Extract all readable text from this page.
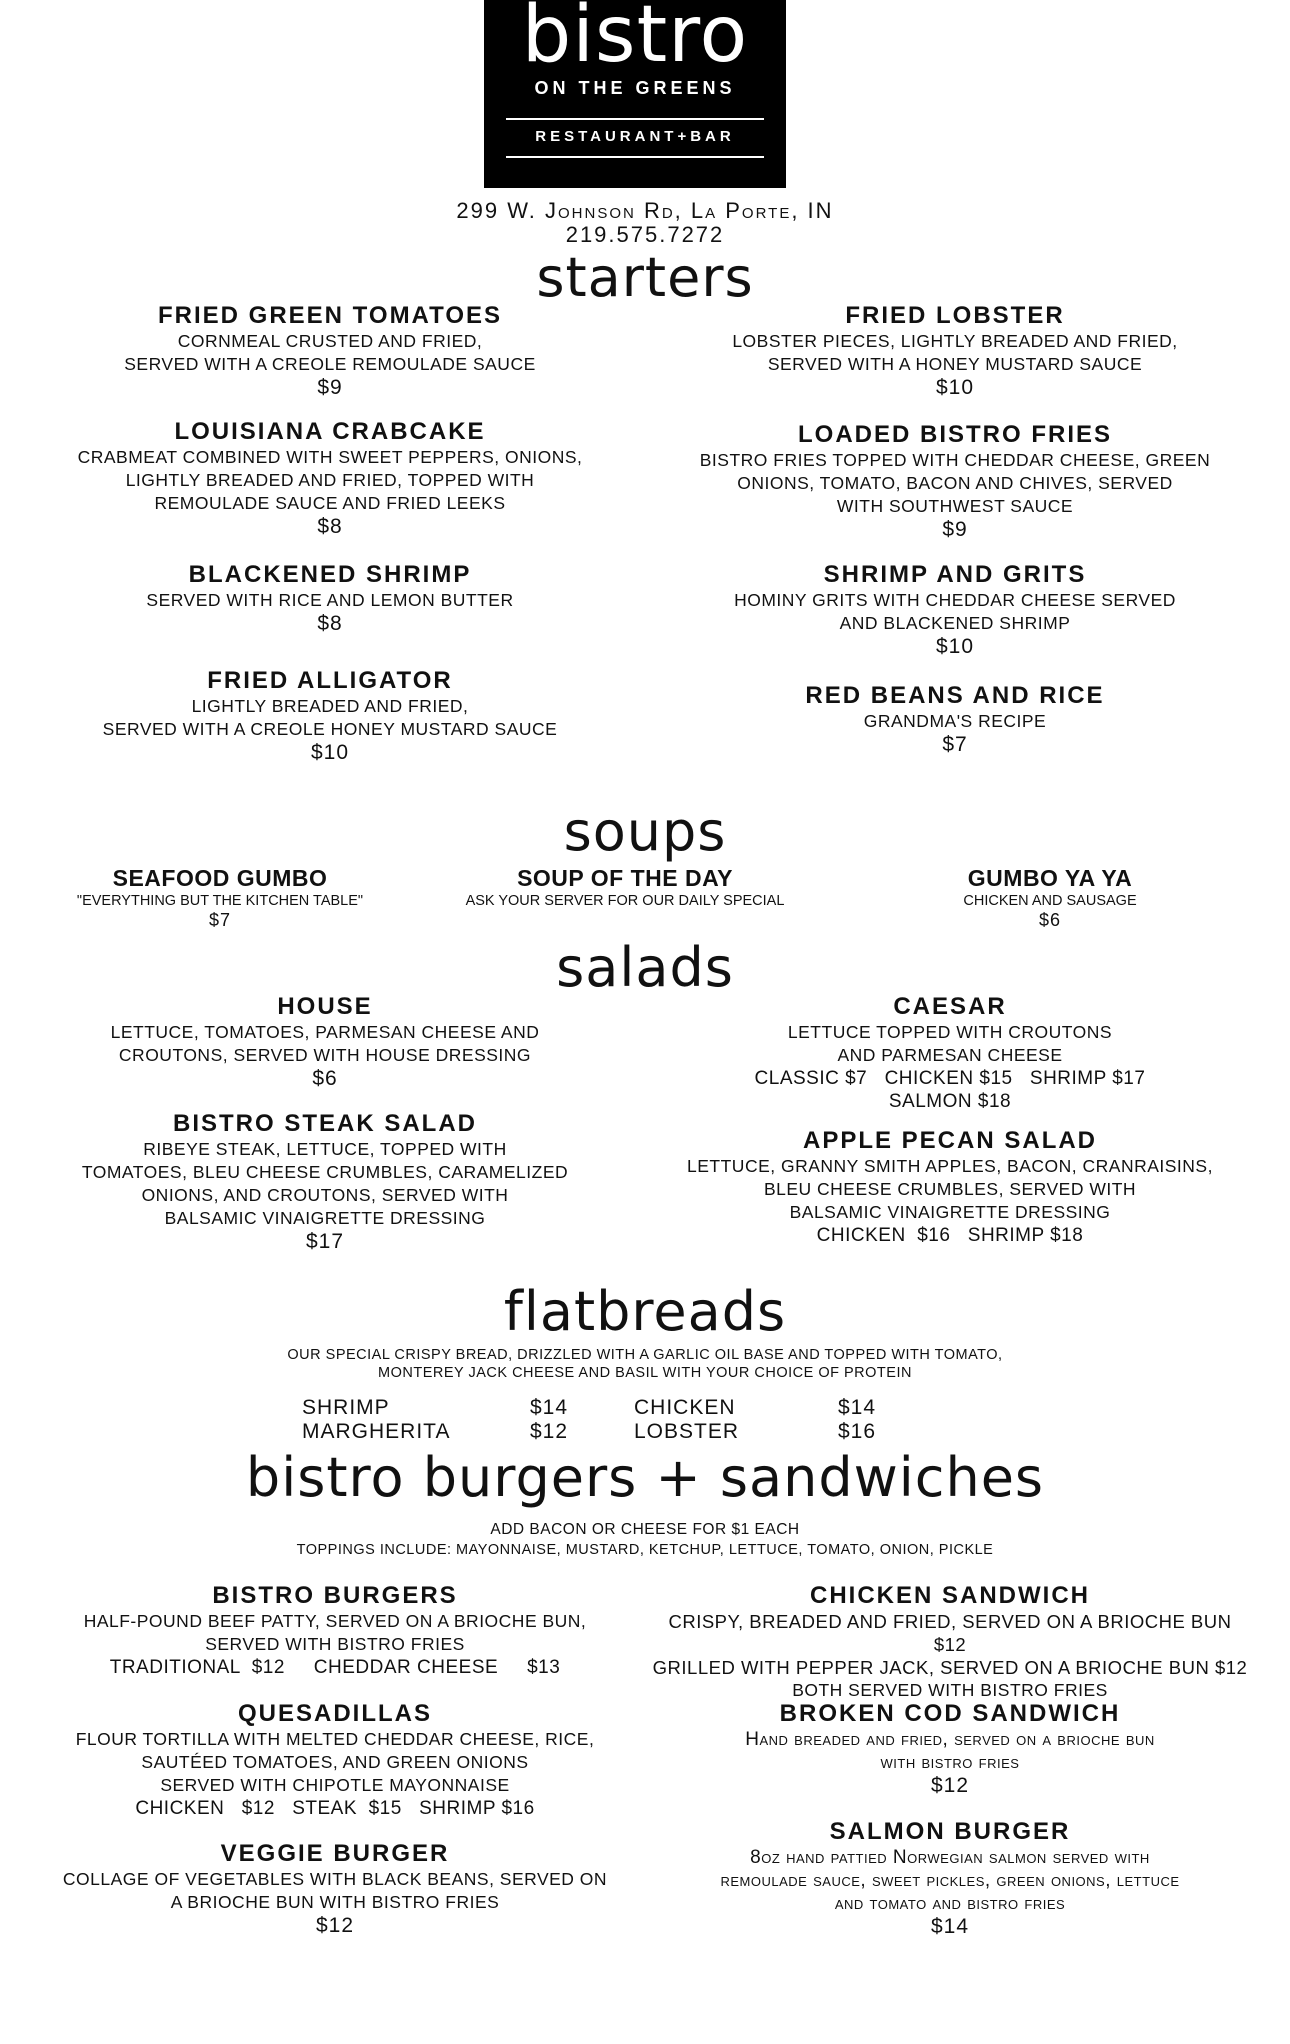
bistro
ON THE GREENS
RESTAURANT+BAR
299 W. Johnson Rd, La Porte, IN
219.575.7272
starters
FRIED GREEN TOMATOES
CORNMEAL CRUSTED AND FRIED,
SERVED WITH A CREOLE REMOULADE SAUCE
$9
LOUISIANA CRABCAKE
CRABMEAT COMBINED WITH SWEET PEPPERS, ONIONS,
LIGHTLY BREADED AND FRIED, TOPPED WITH
REMOULADE SAUCE AND FRIED LEEKS
$8
BLACKENED SHRIMP
SERVED WITH RICE AND LEMON BUTTER
$8
FRIED ALLIGATOR
LIGHTLY BREADED AND FRIED,
SERVED WITH A CREOLE HONEY MUSTARD SAUCE
$10
FRIED LOBSTER
LOBSTER PIECES, LIGHTLY BREADED AND FRIED,
SERVED WITH A HONEY MUSTARD SAUCE
$10
LOADED BISTRO FRIES
BISTRO FRIES TOPPED WITH CHEDDAR CHEESE, GREEN
ONIONS, TOMATO, BACON AND CHIVES, SERVED
WITH SOUTHWEST SAUCE
$9
SHRIMP AND GRITS
HOMINY GRITS WITH CHEDDAR CHEESE SERVED
AND BLACKENED SHRIMP
$10
RED BEANS AND RICE
GRANDMA'S RECIPE
$7
soups
SEAFOOD GUMBO
"EVERYTHING BUT THE KITCHEN TABLE"
$7
SOUP OF THE DAY
ASK YOUR SERVER FOR OUR DAILY SPECIAL
GUMBO YA YA
CHICKEN AND SAUSAGE
$6
salads
HOUSE
LETTUCE, TOMATOES, PARMESAN CHEESE AND
CROUTONS, SERVED WITH HOUSE DRESSING
$6
BISTRO STEAK SALAD
RIBEYE STEAK, LETTUCE, TOPPED WITH
TOMATOES, BLEU CHEESE CRUMBLES, CARAMELIZED
ONIONS, AND CROUTONS, SERVED WITH
BALSAMIC VINAIGRETTE DRESSING
$17
CAESAR
LETTUCE TOPPED WITH CROUTONS
AND PARMESAN CHEESE
CLASSIC $7   CHICKEN $15   SHRIMP $17
SALMON $18
APPLE PECAN SALAD
LETTUCE, GRANNY SMITH APPLES, BACON, CRANRAISINS,
BLEU CHEESE CRUMBLES, SERVED WITH
BALSAMIC VINAIGRETTE DRESSING
CHICKEN  $16   SHRIMP $18
flatbreads
OUR SPECIAL CRISPY BREAD, DRIZZLED WITH A GARLIC OIL BASE AND TOPPED WITH TOMATO,
MONTEREY JACK CHEESE AND BASIL WITH YOUR CHOICE OF PROTEIN
SHRIMP	$14
MARGHERITA	$12
CHICKEN	$14
LOBSTER	$16
bistro burgers + sandwiches
ADD BACON OR CHEESE FOR $1 EACH
TOPPINGS INCLUDE: MAYONNAISE, MUSTARD, KETCHUP, LETTUCE, TOMATO, ONION, PICKLE
BISTRO BURGERS
HALF-POUND BEEF PATTY, SERVED ON A BRIOCHE BUN,
SERVED WITH BISTRO FRIES
TRADITIONAL  $12     CHEDDAR CHEESE     $13
QUESADILLAS
FLOUR TORTILLA WITH MELTED CHEDDAR CHEESE, RICE,
SAUTÉED TOMATOES, AND GREEN ONIONS
SERVED WITH CHIPOTLE MAYONNAISE
CHICKEN   $12   STEAK  $15   SHRIMP $16
VEGGIE BURGER
COLLAGE OF VEGETABLES WITH BLACK BEANS, SERVED ON
A BRIOCHE BUN WITH BISTRO FRIES
$12
CHICKEN SANDWICH
CRISPY, BREADED AND FRIED, SERVED ON A BRIOCHE BUN $12
GRILLED WITH PEPPER JACK, SERVED ON A BRIOCHE BUN $12
BOTH SERVED WITH BISTRO FRIES
BROKEN COD SANDWICH
Hand breaded and fried, served on a brioche bun
with bistro fries
$12
SALMON BURGER
8oz hand pattied Norwegian salmon served with
remoulade sauce, sweet pickles, green onions, lettuce
and tomato and bistro fries
$14
